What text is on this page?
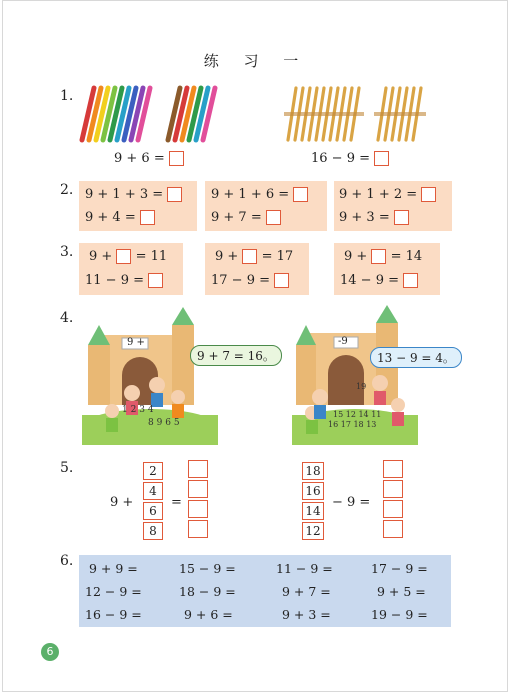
练 习 一
1.
9 + 6 =	16 − 9 =
2. 9 + 1 + 3 =
9 + 4 =
9 + 1 + 6 =
9 + 7 =
9 + 1 + 2 =
9 + 3 =
3. 9 + = 11
11 − 9 =
9 + = 17
17 − 9 =
9 + = 14
14 − 9 =
4.
9 +
1 2 3 4
8 9 6 5
9 + 7 = 16。
-9
19
15 12 14 11
16 17 18 13
13 − 9 = 4。
5.
9 +
2
4
6
8
=
18
16
14
12
− 9 =
6. 9 + 9 =	15 − 9 =	11 − 9 =	17 − 9 =
12 − 9 =	18 − 9 =	9 + 7 =	9 + 5 =
16 − 9 =	9 + 6 =	9 + 3 =	19 − 9 =
6
